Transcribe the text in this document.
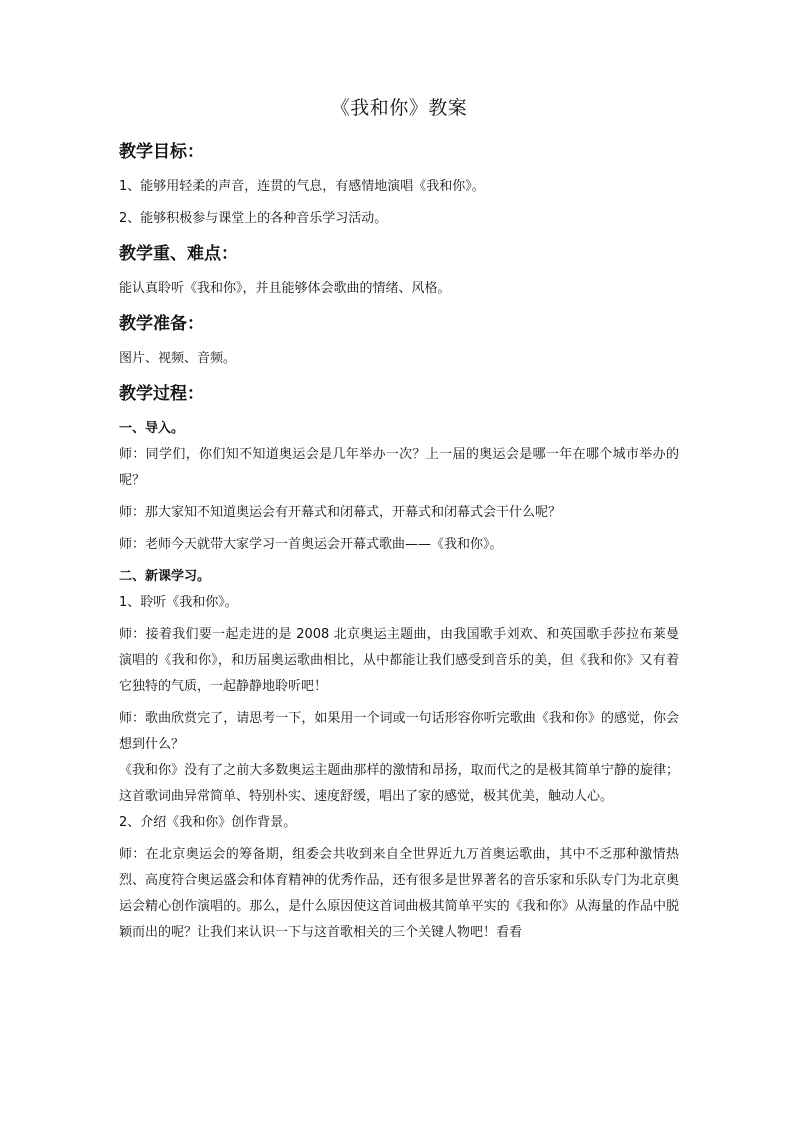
《我和你》教案
教学目标：

1、能够用轻柔的声音，连贯的气息，有感情地演唱《我和你》。

2、能够积极参与课堂上的各种音乐学习活动。

教学重、难点：

能认真聆听《我和你》，并且能够体会歌曲的情绪、风格。

教学准备：

图片、视频、音频。

教学过程：
一、导入。

师：同学们，你们知不知道奥运会是几年举办一次？上一届的奥运会是哪一年在哪个城市举办的呢？

师：那大家知不知道奥运会有开幕式和闭幕式，开幕式和闭幕式会干什么呢？

师：老师今天就带大家学习一首奥运会开幕式歌曲——《我和你》。

二、新课学习。

1、聆听《我和你》。

师：接着我们要一起走进的是 2008 北京奥运主题曲，由我国歌手刘欢、和英国歌手莎拉布莱曼演唱的《我和你》，和历届奥运歌曲相比，从中都能让我们感受到音乐的美，但《我和你》又有着它独特的气质，一起静静地聆听吧！

师：歌曲欣赏完了，请思考一下，如果用一个词或一句话形容你听完歌曲《我和你》的感觉，你会想到什么？

《我和你》没有了之前大多数奥运主题曲那样的激情和昂扬，取而代之的是极其简单宁静的旋律；这首歌词曲异常简单、特别朴实、速度舒缓，唱出了家的感觉，极其优美，触动人心。

2、介绍《我和你》创作背景。

师：在北京奥运会的筹备期，组委会共收到来自全世界近九万首奥运歌曲，其中不乏那种激情热烈、高度符合奥运盛会和体育精神的优秀作品，还有很多是世界著名的音乐家和乐队专门为北京奥运会精心创作演唱的。那么，是什么原因使这首词曲极其简单平实的《我和你》从海量的作品中脱颖而出的呢？让我们来认识一下与这首歌相关的三个关键人物吧！看看
